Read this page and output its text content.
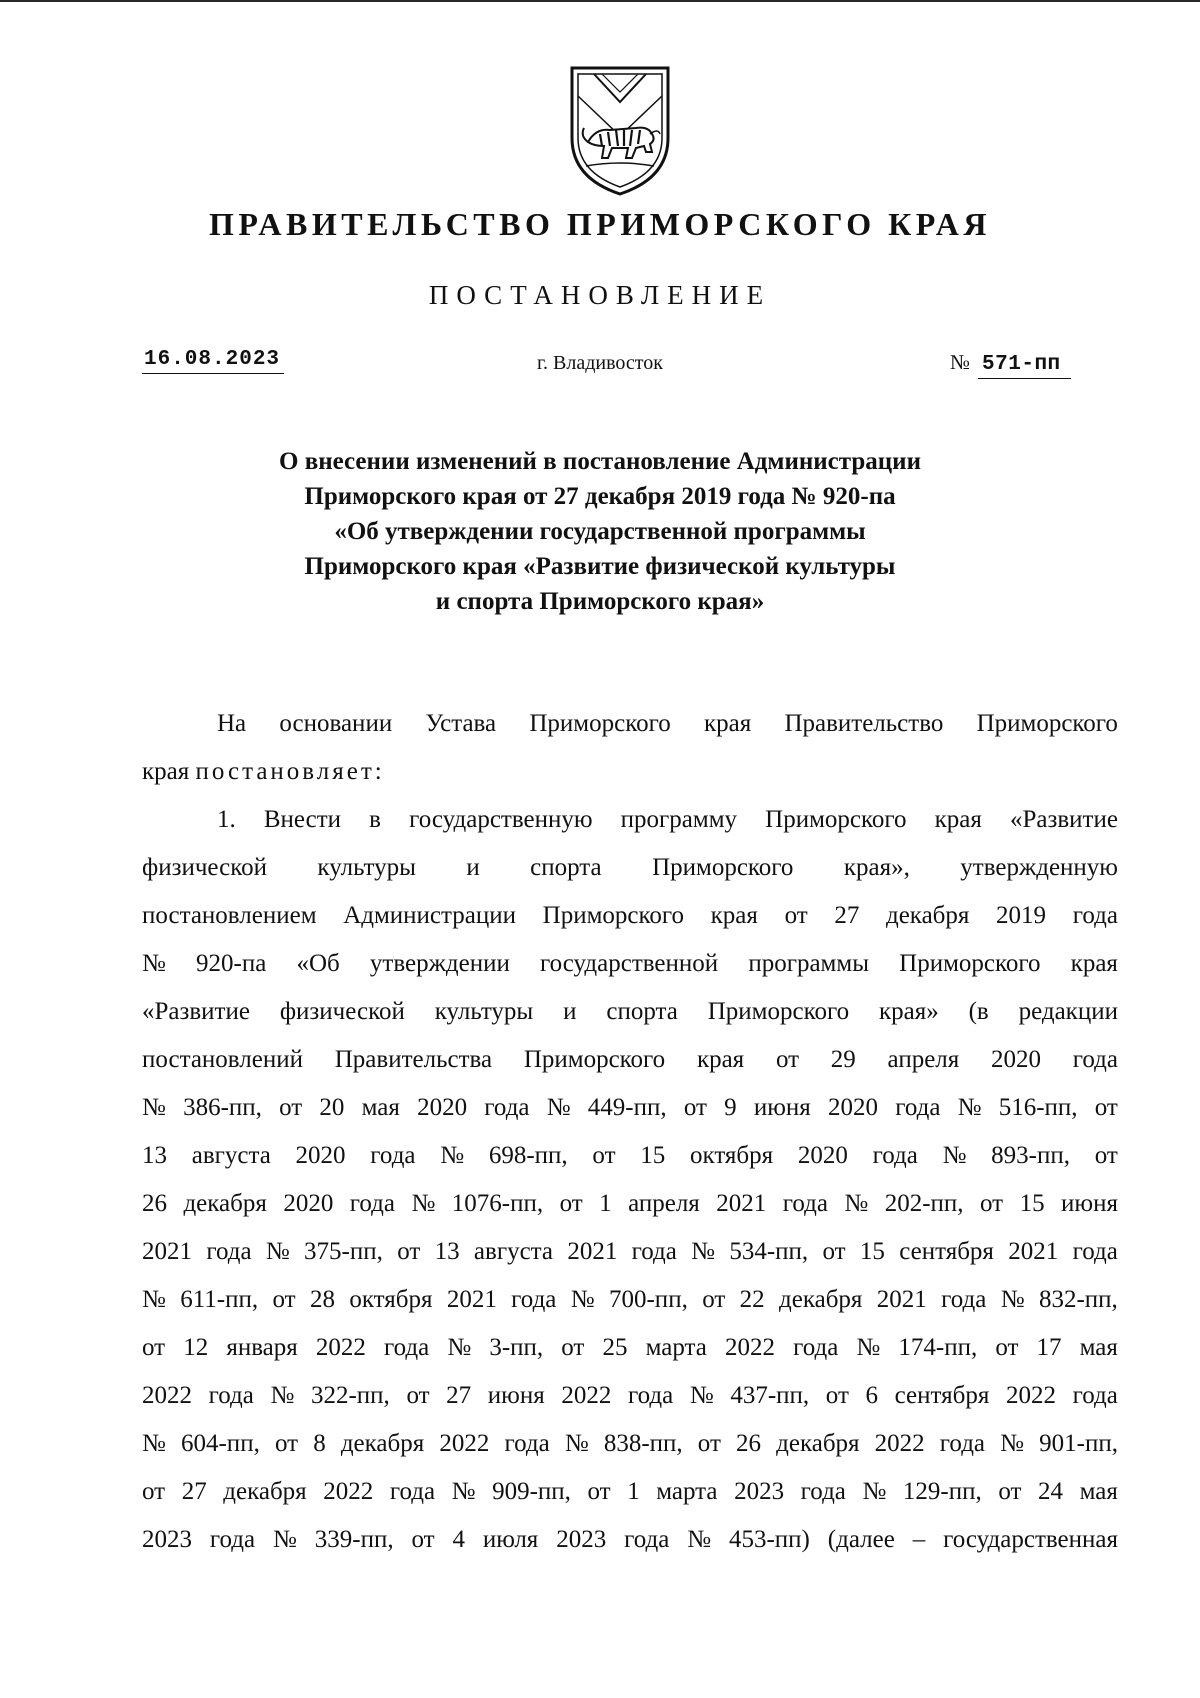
ПРАВИТЕЛЬСТВО ПРИМОРСКОГО КРАЯ
ПОСТАНОВЛЕНИЕ
16.08.2023	г. Владивосток	№ 571-пп
О внесении изменений в постановление Администрации
Приморского края от 27 декабря 2019 года № 920-па
«Об утверждении государственной программы
Приморского края «Развитие физической культуры
и спорта Приморского края»
На основании Устава Приморского края Правительство Приморского
края
постановляет:
1. Внести в государственную программу Приморского края «Развитие
физической культуры и спорта Приморского края», утвержденную
постановлением Администрации Приморского края от 27 декабря 2019 года
№ 920-па «Об утверждении государственной программы Приморского края
«Развитие физической культуры и спорта Приморского края» (в редакции
постановлений Правительства Приморского края от 29 апреля 2020 года
№ 386-пп, от 20 мая 2020 года № 449-пп, от 9 июня 2020 года № 516-пп, от
13 августа 2020 года № 698-пп, от 15 октября 2020 года № 893-пп, от
26 декабря 2020 года № 1076-пп, от 1 апреля 2021 года № 202-пп, от 15 июня
2021 года № 375-пп, от 13 августа 2021 года № 534-пп, от 15 сентября 2021 года
№ 611-пп, от 28 октября 2021 года № 700-пп, от 22 декабря 2021 года № 832-пп,
от 12 января 2022 года № 3-пп, от 25 марта 2022 года № 174-пп, от 17 мая
2022 года № 322-пп, от 27 июня 2022 года № 437-пп, от 6 сентября 2022 года
№ 604-пп, от 8 декабря 2022 года № 838-пп, от 26 декабря 2022 года № 901-пп,
от 27 декабря 2022 года № 909-пп, от 1 марта 2023 года № 129-пп, от 24 мая
2023 года № 339-пп, от 4 июля 2023 года № 453-пп) (далее – государственная
